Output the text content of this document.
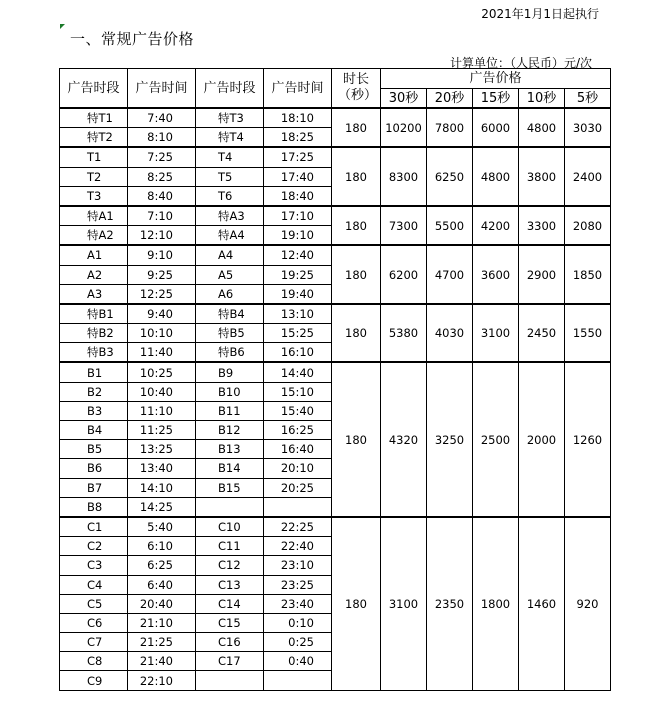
2021年1月1日起执行
一、常规广告价格
计算单位：（人民币）元/次
广告时段	广告时间	广告时段	广告时间	时长（秒）	广告价格				
					30秒	20秒	15秒	10秒	5秒
特T1	7:40	特T3	18:10	180	10200	7800	6000	4800	3030
特T2	8:10	特T4	18:25						
T1	7:25	T4	17:25	180	8300	6250	4800	3800	2400
T2	8:25	T5	17:40						
T3	8:40	T6	18:40						
特A1	7:10	特A3	17:10	180	7300	5500	4200	3300	2080
特A2	12:10	特A4	19:10						
A1	9:10	A4	12:40	180	6200	4700	3600	2900	1850
A2	9:25	A5	19:25						
A3	12:25	A6	19:40						
特B1	9:40	特B4	13:10	180	5380	4030	3100	2450	1550
特B2	10:10	特B5	15:25						
特B3	11:40	特B6	16:10						
B1	10:25	B9	14:40	180	4320	3250	2500	2000	1260
B2	10:40	B10	15:10						
B3	11:10	B11	15:40						
B4	11:25	B12	16:25						
B5	13:25	B13	16:40						
B6	13:40	B14	20:10						
B7	14:10	B15	20:25						
B8	14:25								
C1	5:40	C10	22:25	180	3100	2350	1800	1460	920
C2	6:10	C11	22:40						
C3	6:25	C12	23:10						
C4	6:40	C13	23:25						
C5	20:40	C14	23:40						
C6	21:10	C15	0:10						
C7	21:25	C16	0:25						
C8	21:40	C17	0:40						
C9	22:10								
